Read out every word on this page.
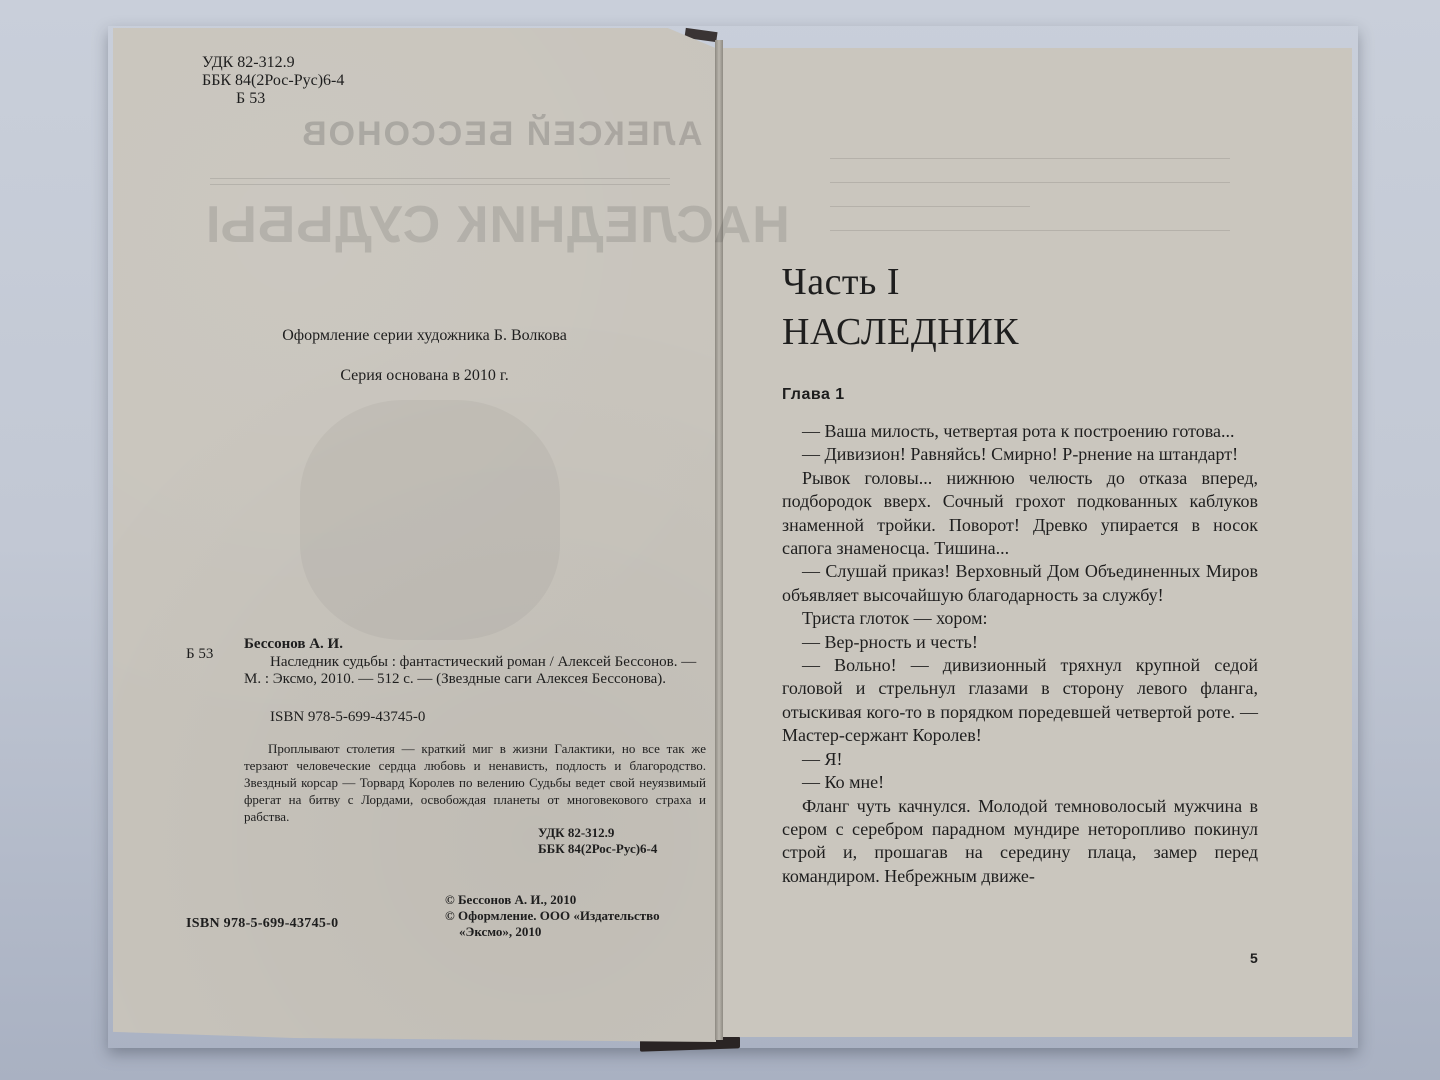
АЛЕКСЕЙ БЕССОНОВ
НАСЛЕДНИК СУДЬБЫ
УДК 82-312.9
ББК 84(2Рос-Рус)6-4
Б 53
Оформление серии художника Б. Волкова
Серия основана в 2010 г.
Б 53
Бессонов А. И.
Наследник судьбы : фантастический роман / Алексей Бессонов. — М. : Эксмо, 2010. — 512 с. — (Звездные саги Алексея Бессонова).
ISBN 978-5-699-43745-0
Проплывают столетия — краткий миг в жизни Галактики, но все так же терзают человеческие сердца любовь и ненависть, подлость и благородство. Звездный корсар — Торвард Королев по велению Судьбы ведет свой неуязвимый фрегат на битву с Лордами, освобождая планеты от многовекового страха и рабства.
УДК 82-312.9
ББК 84(2Рос-Рус)6-4
ISBN 978-5-699-43745-0
© Бессонов А. И., 2010
© Оформление. ООО «Издательство
«Эксмо», 2010
Часть I
НАСЛЕДНИК
Глава 1

— Ваша милость, четвертая рота к построению готова...

— Дивизион! Равняйсь! Смирно! Р-рнение на штандарт!

Рывок головы... нижнюю челюсть до отказа вперед, подбородок вверх. Сочный грохот подкованных каблуков знаменной тройки. Поворот! Древко упирается в носок сапога знаменосца. Тишина...

— Слушай приказ! Верховный Дом Объединенных Миров объявляет высочайшую благодарность за службу!

Триста глоток — хором:

— Вер-рность и честь!

— Вольно! — дивизионный тряхнул крупной седой головой и стрельнул глазами в сторону левого фланга, отыскивая кого-то в порядком поредевшей четвертой роте. — Мастер-сержант Королев!

— Я!

— Ко мне!

Фланг чуть качнулся. Молодой темноволосый мужчина в сером с серебром парадном мундире неторопливо покинул строй и, прошагав на середину плаца, замер перед командиром. Небрежным движе-

5
